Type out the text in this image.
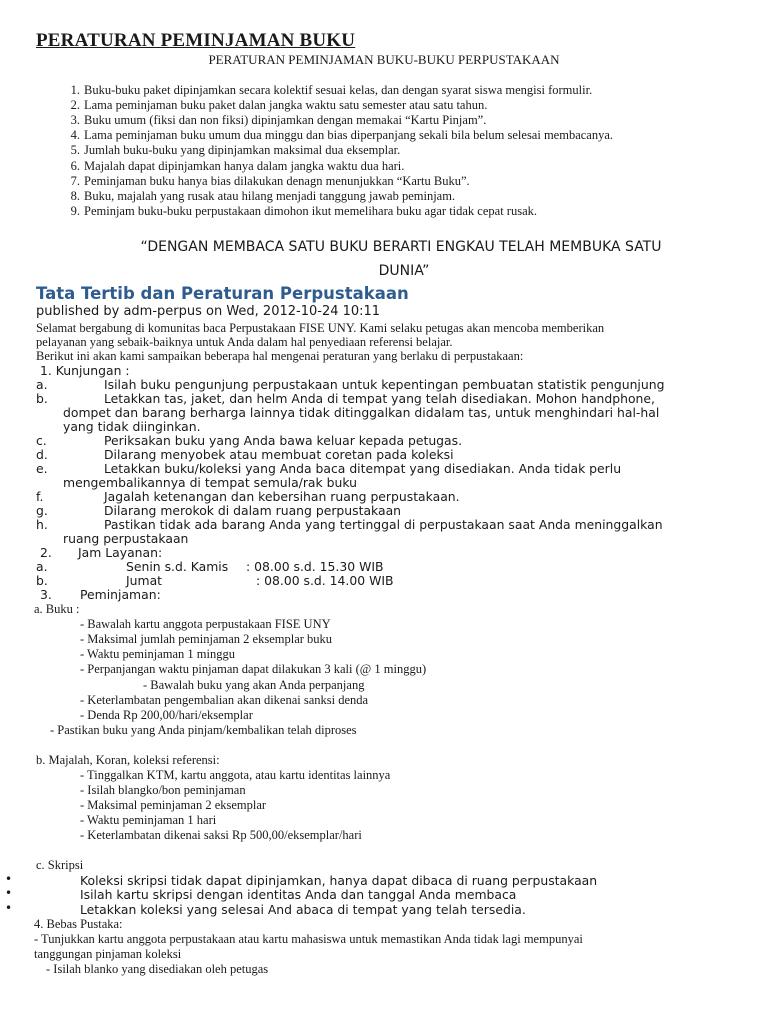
PERATURAN PEMINJAMAN BUKU
PERATURAN PEMINJAMAN BUKU-BUKU PERPUSTAKAAN
1. Buku-buku paket dipinjamkan secara kolektif sesuai kelas, dan dengan syarat siswa mengisi formulir.
2. Lama peminjaman buku paket dalan jangka waktu satu semester atau satu tahun.
3. Buku umum (fiksi dan non fiksi) dipinjamkan dengan memakai “Kartu Pinjam”.
4. Lama peminjaman buku umum dua minggu dan bias diperpanjang sekali bila belum selesai membacanya.
5. Jumlah buku-buku yang dipinjamkan maksimal dua eksemplar.
6. Majalah dapat dipinjamkan hanya dalam jangka waktu dua hari.
7. Peminjaman buku hanya bias dilakukan denagn menunjukkan “Kartu Buku”.
8. Buku, majalah yang rusak atau hilang menjadi tanggung jawab peminjam.
9. Peminjam buku-buku perpustakaan dimohon ikut memelihara buku agar tidak cepat rusak.
“DENGAN MEMBACA SATU BUKU BERARTI ENGKAU TELAH MEMBUKA SATU
DUNIA”
Tata Tertib dan Peraturan Perpustakaan
published by adm-perpus on Wed, 2012-10-24 10:11
Selamat bergabung di komunitas baca Perpustakaan FISE UNY. Kami selaku petugas akan mencoba memberikan
pelayanan yang sebaik-baiknya untuk Anda dalam hal penyediaan referensi belajar.
Berikut ini akan kami sampaikan beberapa hal mengenai peraturan yang berlaku di perpustakaan:
1. Kunjungan :
a.	Isilah buku pengunjung perpustakaan untuk kepentingan pembuatan statistik pengunjung
b.	Letakkan tas, jaket, dan helm Anda di tempat yang telah disediakan. Mohon handphone,
dompet dan barang berharga lainnya tidak ditinggalkan didalam tas, untuk menghindari hal-hal
yang tidak diinginkan.
c.	Periksakan buku yang Anda bawa keluar kepada petugas.
d.	Dilarang menyobek atau membuat coretan pada koleksi
e.	Letakkan buku/koleksi yang Anda baca ditempat yang disediakan. Anda tidak perlu
mengembalikannya di tempat semula/rak buku
f.	Jagalah ketenangan dan kebersihan ruang perpustakaan.
g.	Dilarang merokok di dalam ruang perpustakaan
h.	Pastikan tidak ada barang Anda yang tertinggal di perpustakaan saat Anda meninggalkan
ruang perpustakaan
2. Jam Layanan:
a.	Senin s.d. Kamis : 08.00 s.d. 15.30 WIB
b.	Jumat	: 08.00 s.d. 14.00 WIB
3. Peminjaman:
a. Buku :
- Bawalah kartu anggota perpustakaan FISE UNY
- Maksimal jumlah peminjaman 2 eksemplar buku
- Waktu peminjaman 1 minggu
- Perpanjangan waktu pinjaman dapat dilakukan 3 kali (@ 1 minggu)
- Bawalah buku yang akan Anda perpanjang
- Keterlambatan pengembalian akan dikenai sanksi denda
- Denda Rp 200,00/hari/eksemplar
- Pastikan buku yang Anda pinjam/kembalikan telah diproses
b. Majalah, Koran, koleksi referensi:
- Tinggalkan KTM, kartu anggota, atau kartu identitas lainnya
- Isilah blangko/bon peminjaman
- Maksimal peminjaman 2 eksemplar
- Waktu peminjaman 1 hari
- Keterlambatan dikenai saksi Rp 500,00/eksemplar/hari
c. Skripsi
•	Koleksi skripsi tidak dapat dipinjamkan, hanya dapat dibaca di ruang perpustakaan
•	Isilah kartu skripsi dengan identitas Anda dan tanggal Anda membaca
•	Letakkan koleksi yang selesai And abaca di tempat yang telah tersedia.
4. Bebas Pustaka:
- Tunjukkan kartu anggota perpustakaan atau kartu mahasiswa untuk memastikan Anda tidak lagi mempunyai
tanggungan pinjaman koleksi
- Isilah blanko yang disediakan oleh petugas
